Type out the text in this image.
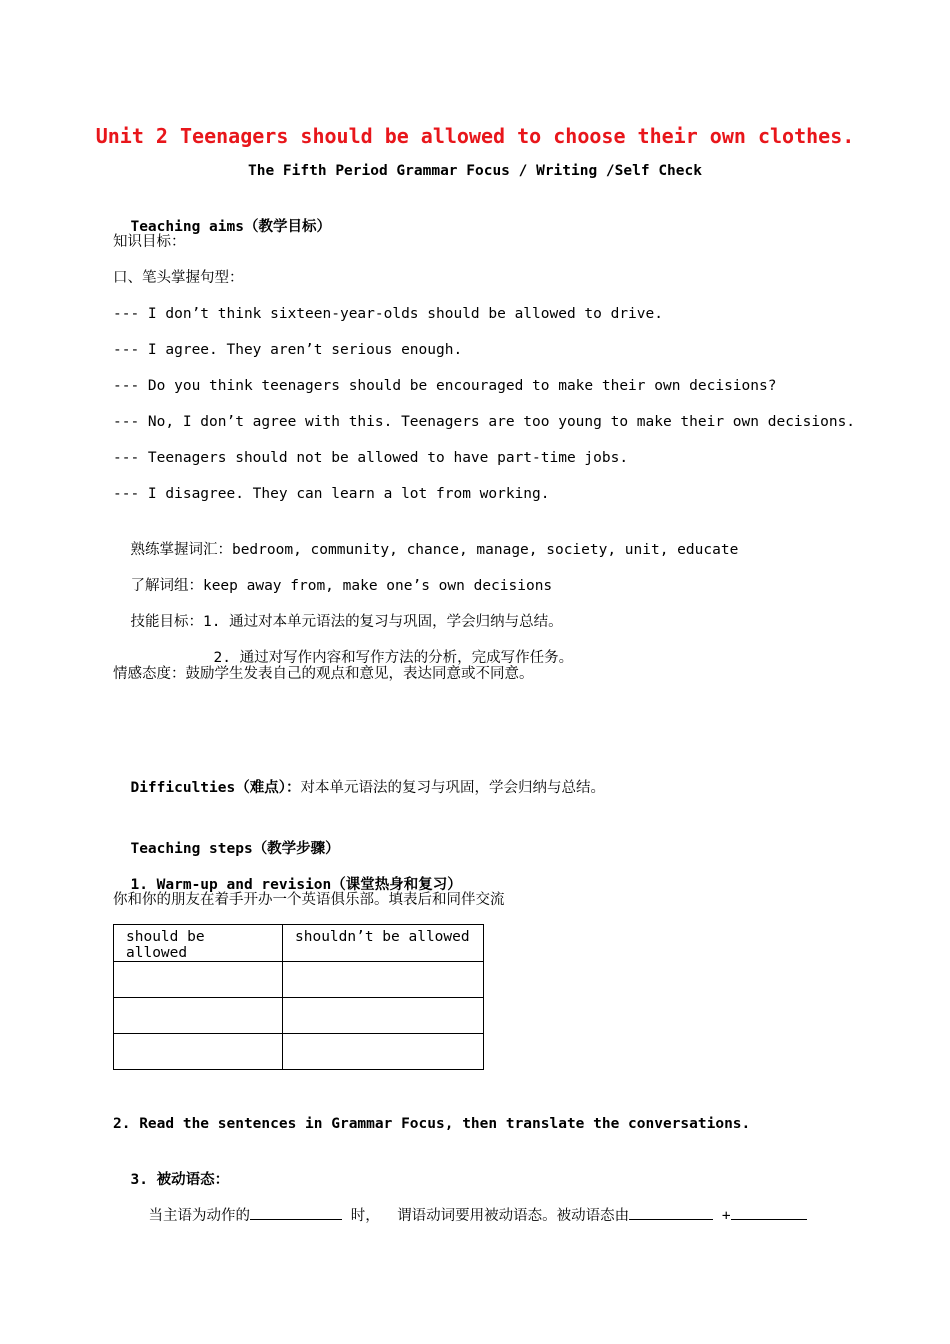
Unit 2 Teenagers should be allowed to choose their own clothes.
The Fifth Period Grammar Focus / Writing /Self Check

Teaching aims（教学目标）

知识目标：
口、笔头掌握句型：
--- I don’t think sixteen-year-olds should be allowed to drive.
--- I agree. They aren’t serious enough.
--- Do you think teenagers should be encouraged to make their own decisions?
--- No, I don’t agree with this. Teenagers are too young to make their own decisions.
--- Teenagers should not be allowed to have part-time jobs.
--- I disagree. They can learn a lot from working.

熟练掌握词汇：bedroom, community, chance, manage, society, unit, educate

了解词组：keep away from, make one’s own decisions

技能目标：1. 通过对本单元语法的复习与巩固，学会归纳与总结。

2. 通过对写作内容和写作方法的分析，完成写作任务。

情感态度：鼓励学生发表自己的观点和意见，表达同意或不同意。

Difficulties（难点）：对本单元语法的复习与巩固，学会归纳与总结。

Teaching steps（教学步骤）

1. Warm-up and revision（课堂热身和复习）

你和你的朋友在着手开办一个英语俱乐部。填表后和同伴交流
should be allowed	shouldn’t be allowed

2. Read the sentences in Grammar Focus, then translate the conversations.

3. 被动语态：

当主语为动作的	时， 谓语动词要用被动语态。被动语态由	+
